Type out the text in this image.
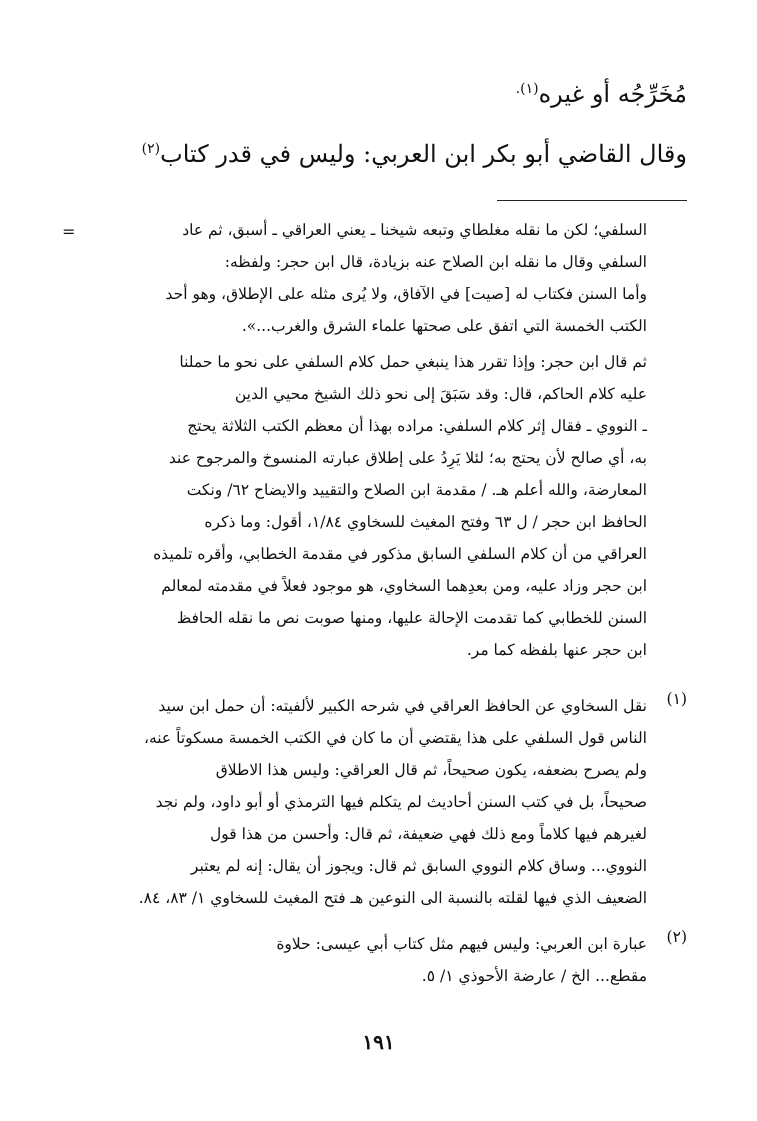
مُخَرِّجُه أو غيره$^{(١).}$
وقال القاضي أبو بكر ابن العربي: وليس في قدر كتاب$^{(٢)}$
=	السلفي؛ لكن ما نقله مغلطاي وتبعه شيخنا ـ يعني العراقي ـ أسبق، ثم عاد
السلفي وقال ما نقله ابن الصلاح عنه بزيادة، قال ابن حجر: ولفظه:
وأما السنن فكتاب له [صيت] في الآفاق، ولا يُرى مثله على الإطلاق، وهو أحد
الكتب الخمسة التي اتفق على صحتها علماء الشرق والغرب...».
ثم قال ابن حجر: وإذا تقرر هذا ينبغي حمل كلام السلفي على نحو ما حملنا
عليه كلام الحاكم، قال: وقد سَبَقَ إلى نحو ذلك الشيخ محيي الدين
ـ النووي ـ فقال إثر كلام السلفي: مراده بهذا أن معظم الكتب الثلاثة يحتج
به، أي صالح لأن يحتج به؛ لئلا يَرِدُ على إطلاق عبارته المنسوخ والمرجوح عند
المعارضة، والله أعلم هـ. / مقدمة ابن الصلاح والتقييد والايضاح ٦٢/ ونكت
الحافظ ابن حجر / ل ٦٣ وفتح المغيث للسخاوي ١/٨٤، أقول: وما ذكره
العراقي من أن كلام السلفي السابق مذكور في مقدمة الخطابي، وأقره تلميذه
ابن حجر وزاد عليه، ومن بعدِهما السخاوي، هو موجود فعلاً في مقدمته لمعالم
السنن للخطابي كما تقدمت الإحالة عليها، ومنها صوبت نص ما نقله الحافظ
ابن حجر عنها بلفظه كما مر.
(١)
نقل السخاوي عن الحافظ العراقي في شرحه الكبير لألفيته: أن حمل ابن سيد
الناس قول السلفي على هذا يقتضي أن ما كان في الكتب الخمسة مسكوتاً عنه،
ولم يصرح بضعفه، يكون صحيحاً، ثم قال العراقي: وليس هذا الاطلاق
صحيحاً، بل في كتب السنن أحاديث لم يتكلم فيها الترمذي أو أبو داود، ولم نجد
لغيرهم فيها كلاماً ومع ذلك فهي ضعيفة، ثم قال: وأحسن من هذا قول
النووي... وساق كلام النووي السابق ثم قال: ويجوز أن يقال: إنه لم يعتبر
الضعيف الذي فيها لقلته بالنسبة الى النوعين هـ فتح المغيث للسخاوي ١/ ٨٣، ٨٤.
(٢)
عبارة ابن العربي: وليس فيهم مثل كتاب أبي عيسى: حلاوة
مقطع... الخ / عارضة الأحوذي ١/ ٥.
١٩١
